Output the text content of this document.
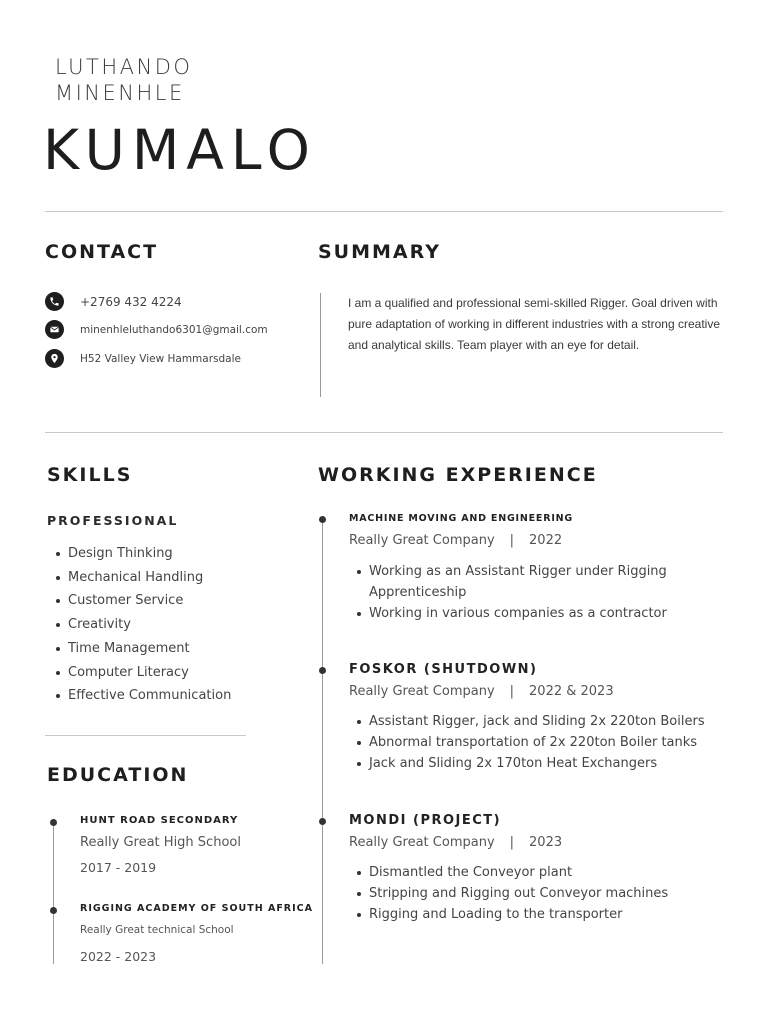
LUTHANDO
MINENHLE
KUMALO
CONTACT
+2769 432 4224
minenhleluthando6301@gmail.com
H52 Valley View Hammarsdale
SUMMARY
I am a qualified and professional semi-skilled Rigger. Goal driven with pure adaptation of working in different industries with a strong creative and analytical skills. Team player with an eye for detail.
SKILLS
PROFESSIONAL
Design Thinking
Mechanical Handling
Customer Service
Creativity
Time Management
Computer Literacy
Effective Communication
EDUCATION
HUNT ROAD SECONDARY
Really Great High School
2017 - 2019
RIGGING ACADEMY OF SOUTH AFRICA
Really Great technical School
2022 - 2023
WORKING EXPERIENCE
MACHINE MOVING AND ENGINEERING
Really Great Company | 2022
Working as an Assistant Rigger under Rigging Apprenticeship
Working in various companies as a contractor
FOSKOR (SHUTDOWN)
Really Great Company | 2022 & 2023
Assistant Rigger, jack and Sliding 2x 220ton Boilers
Abnormal transportation of 2x 220ton Boiler tanks
Jack and Sliding 2x 170ton Heat Exchangers
MONDI (PROJECT)
Really Great Company | 2023
Dismantled the Conveyor plant
Stripping and Rigging out Conveyor machines
Rigging and Loading to the transporter
